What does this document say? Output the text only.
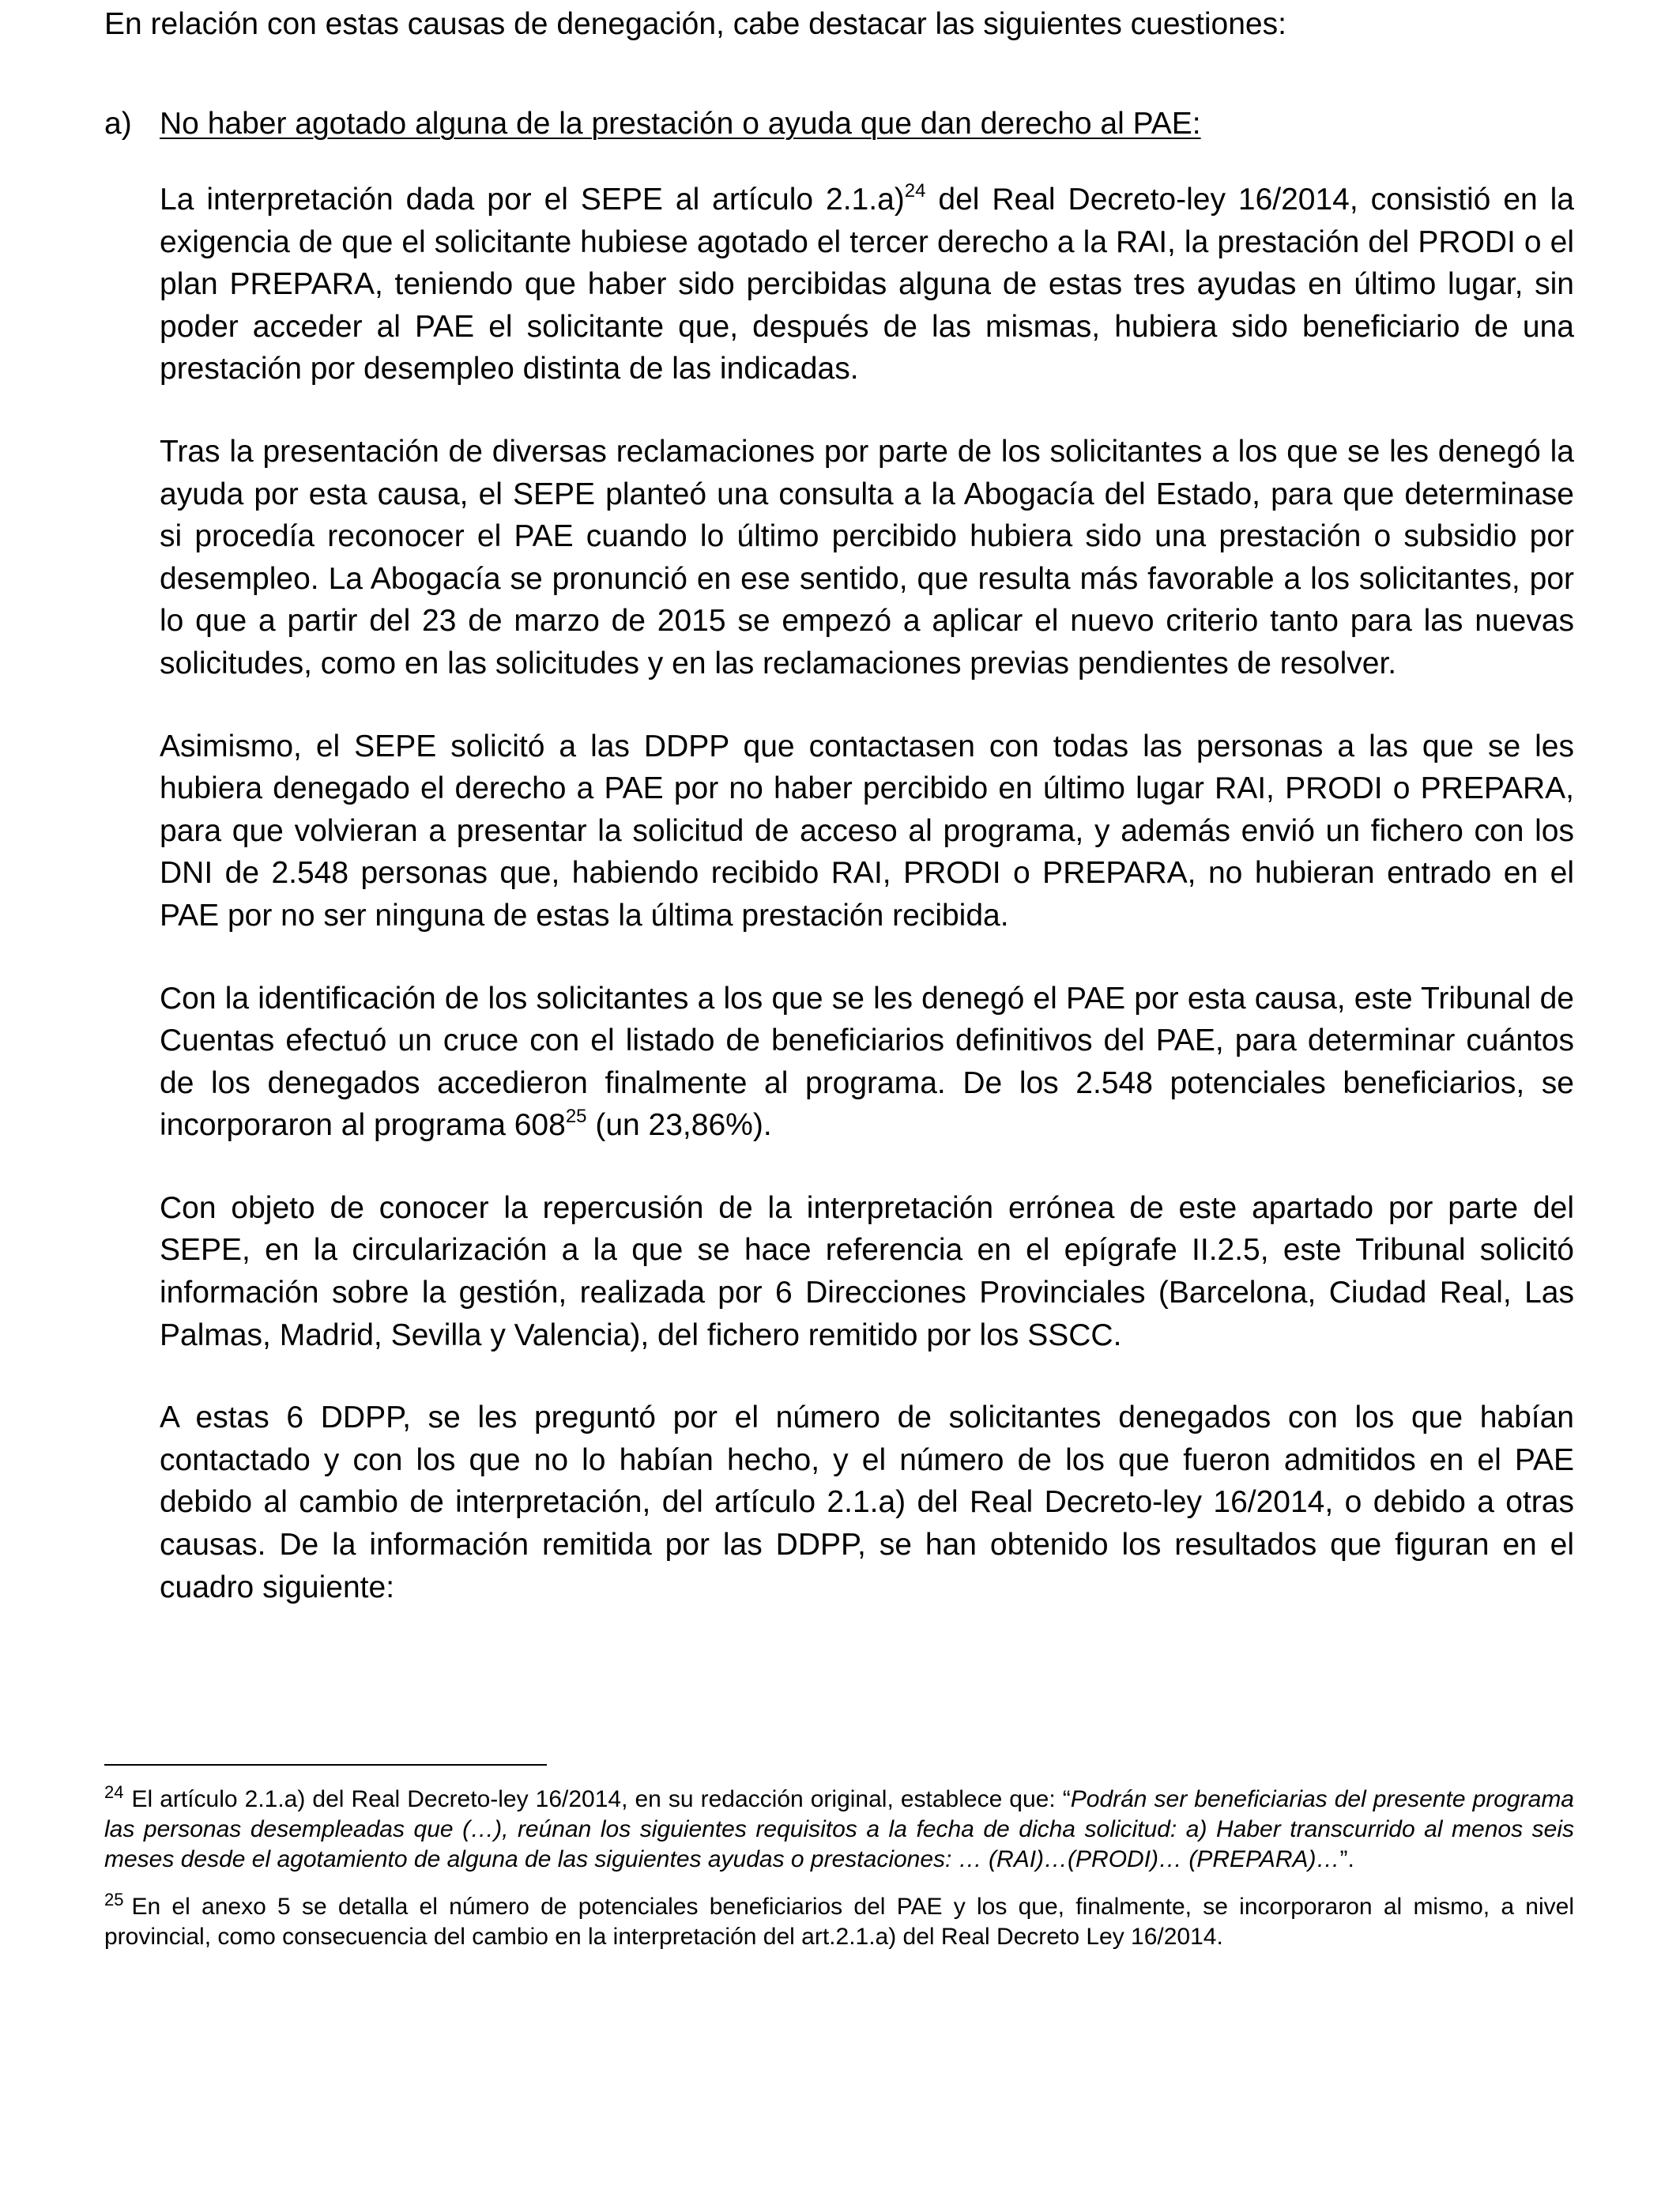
En relación con estas causas de denegación, cabe destacar las siguientes cuestiones:

a) No haber agotado alguna de la prestación o ayuda que dan derecho al PAE:

La interpretación dada por el SEPE al artículo 2.1.a)$^{24}$ del Real Decreto-ley 16/2014, consistió en la exigencia de que el solicitante hubiese agotado el tercer derecho a la RAI, la prestación del PRODI o el plan PREPARA, teniendo que haber sido percibidas alguna de estas tres ayudas en último lugar, sin poder acceder al PAE el solicitante que, después de las mismas, hubiera sido beneficiario de una prestación por desempleo distinta de las indicadas.

Tras la presentación de diversas reclamaciones por parte de los solicitantes a los que se les denegó la ayuda por esta causa, el SEPE planteó una consulta a la Abogacía del Estado, para que determinase si procedía reconocer el PAE cuando lo último percibido hubiera sido una prestación o subsidio por desempleo. La Abogacía se pronunció en ese sentido, que resulta más favorable a los solicitantes, por lo que a partir del 23 de marzo de 2015 se empezó a aplicar el nuevo criterio tanto para las nuevas solicitudes, como en las solicitudes y en las reclamaciones previas pendientes de resolver.

Asimismo, el SEPE solicitó a las DDPP que contactasen con todas las personas a las que se les hubiera denegado el derecho a PAE por no haber percibido en último lugar RAI, PRODI o PREPARA, para que volvieran a presentar la solicitud de acceso al programa, y además envió un fichero con los DNI de 2.548 personas que, habiendo recibido RAI, PRODI o PREPARA, no hubieran entrado en el PAE por no ser ninguna de estas la última prestación recibida.

Con la identificación de los solicitantes a los que se les denegó el PAE por esta causa, este Tribunal de Cuentas efectuó un cruce con el listado de beneficiarios definitivos del PAE, para determinar cuántos de los denegados accedieron finalmente al programa. De los 2.548 potenciales beneficiarios, se incorporaron al programa $608^{25}$ (un 23,86%).

Con objeto de conocer la repercusión de la interpretación errónea de este apartado por parte del SEPE, en la circularización a la que se hace referencia en el epígrafe II.2.5, este Tribunal solicitó información sobre la gestión, realizada por 6 Direcciones Provinciales (Barcelona, Ciudad Real, Las Palmas, Madrid, Sevilla y Valencia), del fichero remitido por los SSCC.

A estas 6 DDPP, se les preguntó por el número de solicitantes denegados con los que habían contactado y con los que no lo habían hecho, y el número de los que fueron admitidos en el PAE debido al cambio de interpretación, del artículo 2.1.a) del Real Decreto-ley 16/2014, o debido a otras causas. De la información remitida por las DDPP, se han obtenido los resultados que figuran en el cuadro siguiente:

$^{24}$ El artículo 2.1.a) del Real Decreto-ley 16/2014, en su redacción original, establece que: “Podrán ser beneficiarias del presente programa las personas desempleadas que (…), reúnan los siguientes requisitos a la fecha de dicha solicitud: a) Haber transcurrido al menos seis meses desde el agotamiento de alguna de las siguientes ayudas o prestaciones: … (RAI)…(PRODI)… (PREPARA)…”.

$^{25}$ En el anexo 5 se detalla el número de potenciales beneficiarios del PAE y los que, finalmente, se incorporaron al mismo, a nivel provincial, como consecuencia del cambio en la interpretación del art.2.1.a) del Real Decreto Ley 16/2014.
